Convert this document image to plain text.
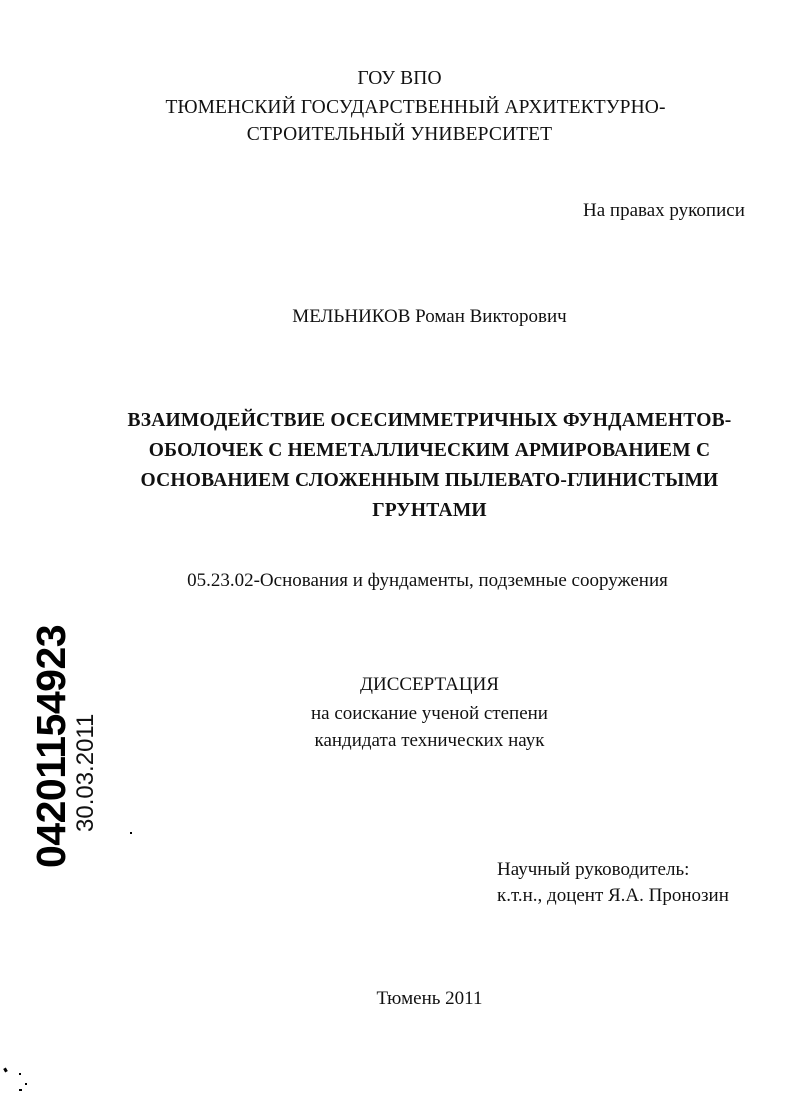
ГОУ ВПО
ТЮМЕНСКИЙ ГОСУДАРСТВЕННЫЙ АРХИТЕКТУРНО-
СТРОИТЕЛЬНЫЙ УНИВЕРСИТЕТ
На правах рукописи
МЕЛЬНИКОВ Роман Викторович
ВЗАИМОДЕЙСТВИЕ ОСЕСИММЕТРИЧНЫХ ФУНДАМЕНТОВ-
ОБОЛОЧЕК С НЕМЕТАЛЛИЧЕСКИМ АРМИРОВАНИЕМ С
ОСНОВАНИЕМ СЛОЖЕННЫМ ПЫЛЕВАТО-ГЛИНИСТЫМИ
ГРУНТАМИ
05.23.02-Основания и фундаменты, подземные сооружения
ДИССЕРТАЦИЯ
на соискание ученой степени
кандидата технических наук
Научный руководитель:
к.т.н., доцент Я.А. Пронозин
Тюмень 2011
04201154923
30.03.2011
